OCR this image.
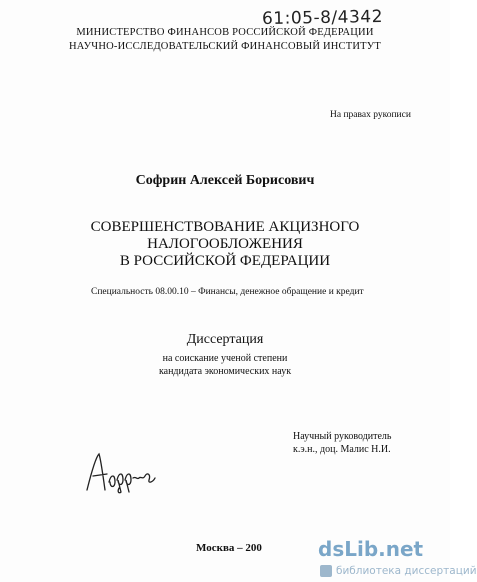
61:05-8/4342
МИНИСТЕРСТВО ФИНАНСОВ РОССИЙСКОЙ ФЕДЕРАЦИИ
НАУЧНО-ИССЛЕДОВАТЕЛЬСКИЙ ФИНАНСОВЫЙ ИНСТИТУТ
На правах рукописи
Софрин Алексей Борисович
СОВЕРШЕНСТВОВАНИЕ АКЦИЗНОГО
НАЛОГООБЛОЖЕНИЯ
В РОССИЙСКОЙ ФЕДЕРАЦИИ
Специальность 08.00.10 – Финансы, денежное обращение и кредит
Диссертация
на соискание ученой степени
кандидата экономических наук
Научный руководитель
к.э.н., доц. Малис Н.И.
Москва – 200	dsLib.net
библиотека диссертаций
